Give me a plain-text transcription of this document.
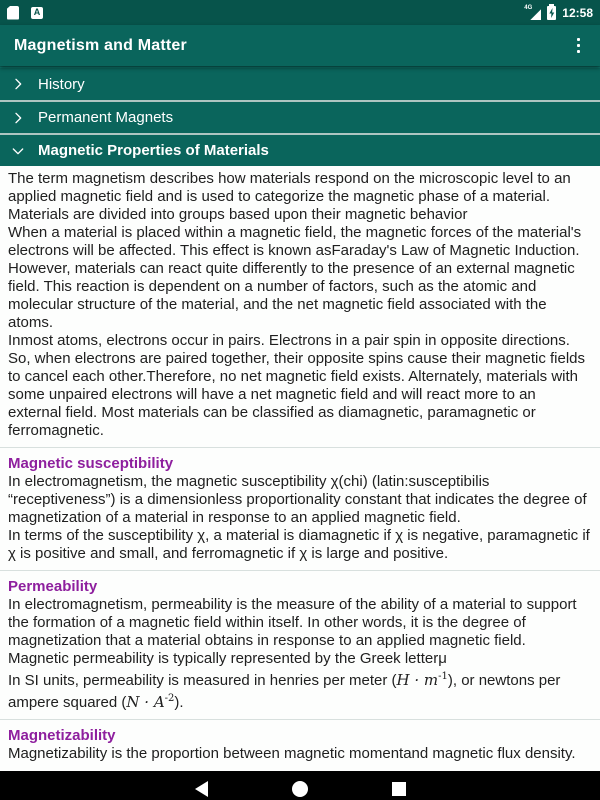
A	4G 12:58
Magnetism and Matter
History
Permanent Magnets
Magnetic Properties of Materials

The term magnetism describes how materials respond on the microscopic level to an applied magnetic field and is used to categorize the magnetic phase of a material. Materials are divided into groups based upon their magnetic behavior

When a material is placed within a magnetic field, the magnetic forces of the material's electrons will be affected. This effect is known asFaraday's Law of Magnetic Induction. However, materials can react quite differently to the presence of an external magnetic field. This reaction is dependent on a number of factors, such as the atomic and molecular structure of the material, and the net magnetic field associated with the atoms.

Inmost atoms, electrons occur in pairs. Electrons in a pair spin in opposite directions. So, when electrons are paired together, their opposite spins cause their magnetic fields to cancel each other.Therefore, no net magnetic field exists. Alternately, materials with some unpaired electrons will have a net magnetic field and will react more to an external field. Most materials can be classified as diamagnetic, paramagnetic or ferromagnetic.

Magnetic susceptibility

In electromagnetism, the magnetic susceptibility χ(chi) (latin:susceptibilis “receptiveness”) is a dimensionless proportionality constant that indicates the degree of magnetization of a material in response to an applied magnetic field.

In terms of the susceptibility χ, a material is diamagnetic if χ is negative, paramagnetic if χ is positive and small, and ferromagnetic if χ is large and positive.

Permeability

In electromagnetism, permeability is the measure of the ability of a material to support the formation of a magnetic field within itself. In other words, it is the degree of magnetization that a material obtains in response to an applied magnetic field.

Magnetic permeability is typically represented by the Greek letterμ

In SI units, permeability is measured in henries per meter $(H \cdot m^{-1})$, or newtons per ampere squared $(N \cdot A^{-2})$.

Magnetizability

Magnetizability is the proportion between magnetic momentand magnetic flux density.
